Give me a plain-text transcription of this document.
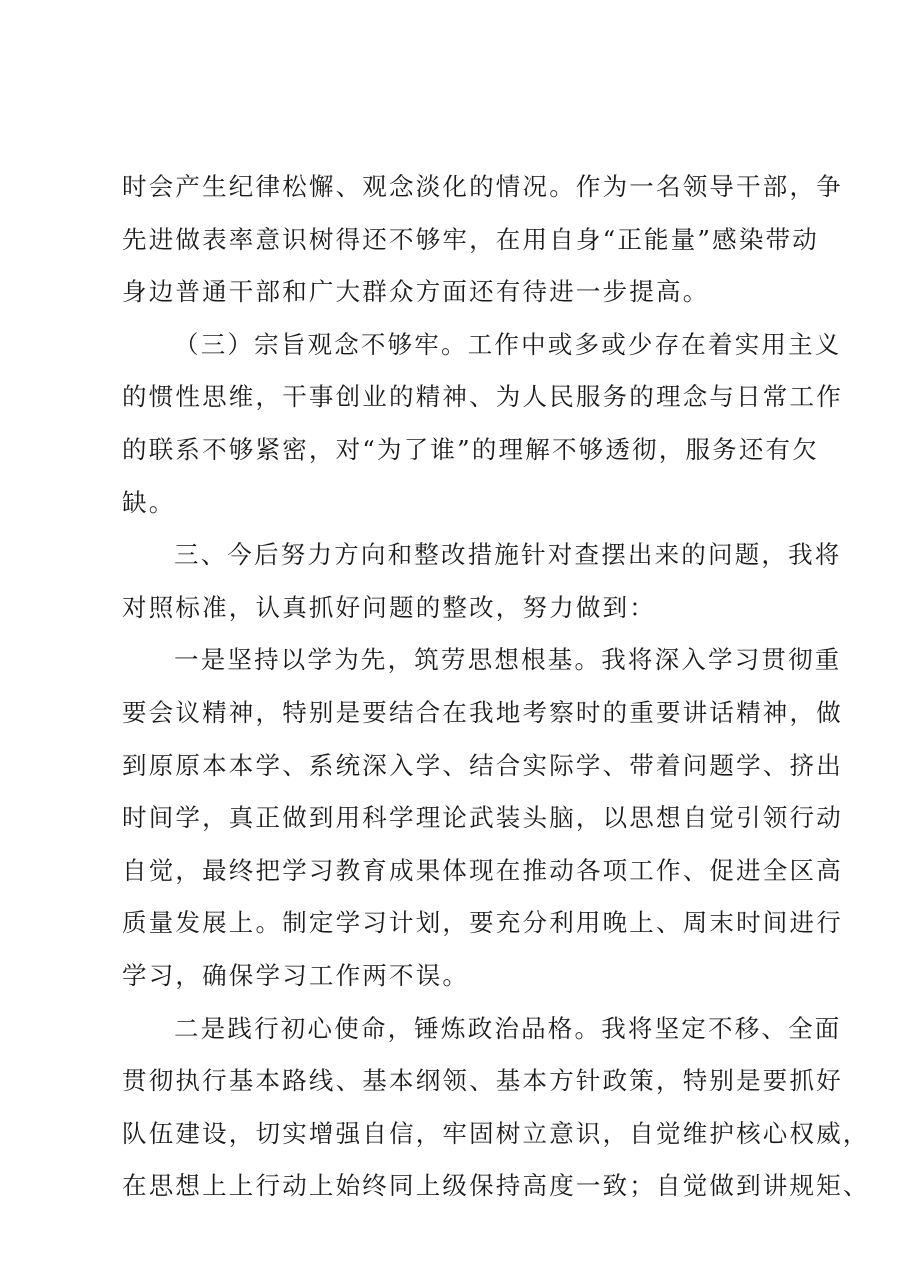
时会产生纪律松懈、观念淡化的情况。作为一名领导干部，争
先进做表率意识树得还不够牢，在用自身“正能量”感染带动
身边普通干部和广大群众方面还有待进一步提高。
（三）宗旨观念不够牢。工作中或多或少存在着实用主义
的惯性思维，干事创业的精神、为人民服务的理念与日常工作
的联系不够紧密，对“为了谁”的理解不够透彻，服务还有欠
缺。
三、今后努力方向和整改措施针对查摆出来的问题，我将
对照标准，认真抓好问题的整改，努力做到：
一是坚持以学为先，筑劳思想根基。我将深入学习贯彻重
要会议精神，特别是要结合在我地考察时的重要讲话精神，做
到原原本本学、系统深入学、结合实际学、带着问题学、挤出
时间学，真正做到用科学理论武装头脑，以思想自觉引领行动
自觉，最终把学习教育成果体现在推动各项工作、促进全区高
质量发展上。制定学习计划，要充分利用晚上、周末时间进行
学习，确保学习工作两不误。
二是践行初心使命，锤炼政治品格。我将坚定不移、全面
贯彻执行基本路线、基本纲领、基本方针政策，特别是要抓好
队伍建设，切实增强自信，牢固树立意识，自觉维护核心权威，
在思想上上行动上始终同上级保持高度一致；自觉做到讲规矩、
